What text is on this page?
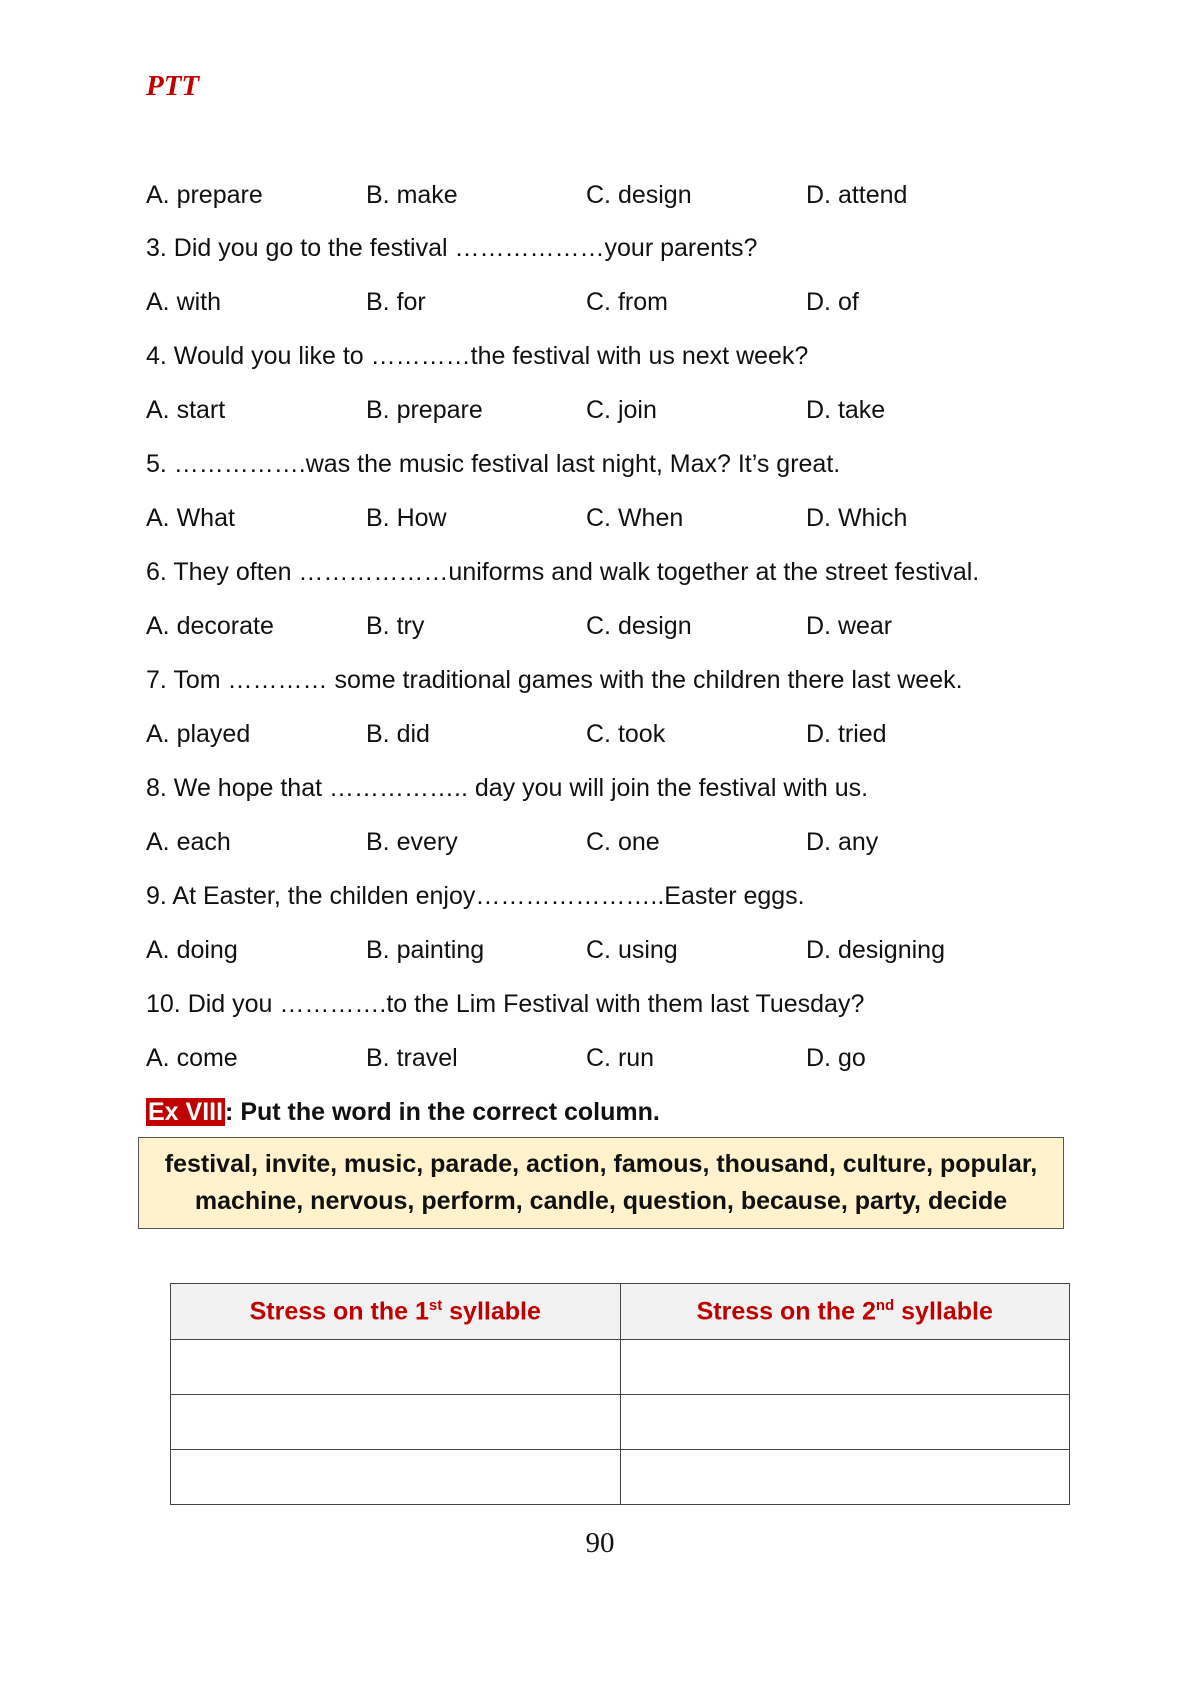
PTT
A. prepare	B. make	C. design	D. attend
3. Did you go to the festival ………………your parents?
A. with	B. for	C. from	D. of
4. Would you like to …………the festival with us next week?
A. start	B. prepare	C. join	D. take
5. …………….was the music festival last night, Max? It’s great.
A. What	B. How	C. When	D. Which
6. They often ………………uniforms and walk together at the street festival.
A. decorate	B. try	C. design	D. wear
7. Tom ………… some traditional games with the children there last week.
A. played	B. did	C. took	D. tried
8. We hope that …………….. day you will join the festival with us.
A. each	B. every	C. one	D. any
9. At Easter, the childen enjoy…………………..Easter eggs.
A. doing	B. painting	C. using	D. designing
10. Did you ………….to the Lim Festival with them last Tuesday?
A. come	B. travel	C. run	D. go
Ex VIII: Put the word in the correct column.
festival, invite, music, parade, action, famous, thousand, culture, popular,
machine, nervous, perform, candle, question, because, party, decide
Stress on the 1st syllable	Stress on the 2nd syllable

90
